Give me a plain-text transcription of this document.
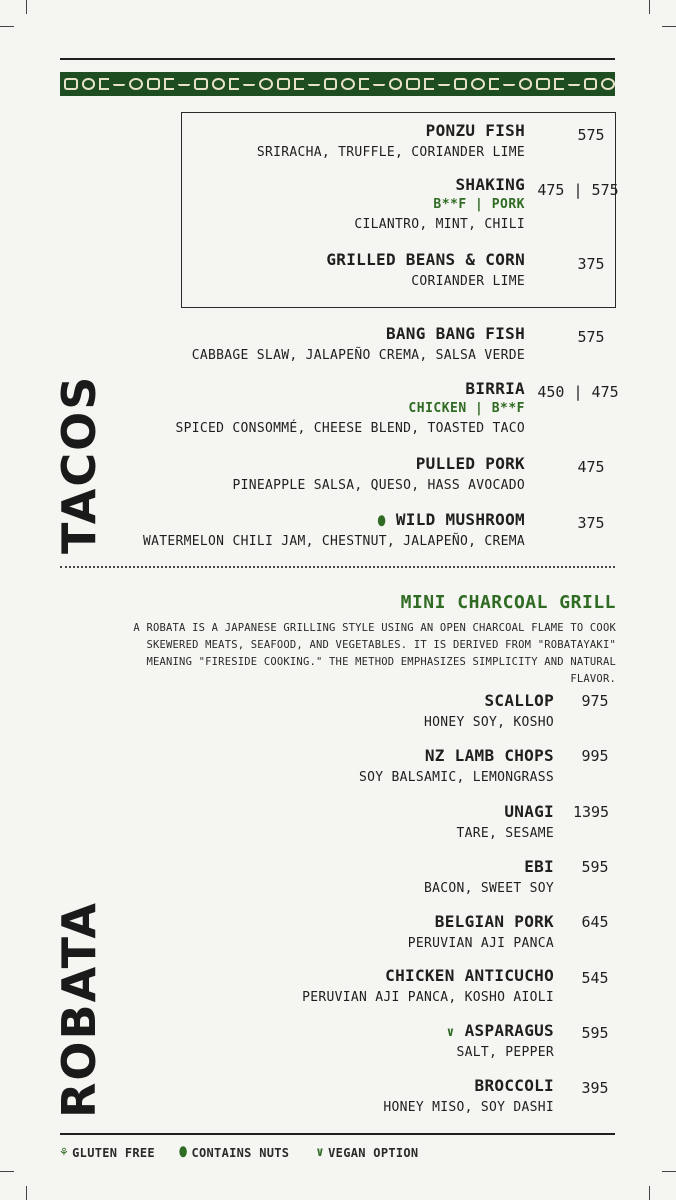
PONZU FISH
SRIRACHA, TRUFFLE, CORIANDER LIME
575
SHAKING
B**F | PORK
CILANTRO, MINT, CHILI
475 | 575
GRILLED BEANS & CORN
CORIANDER LIME
375
BANG BANG FISH
CABBAGE SLAW, JALAPEÑO CREMA, SALSA VERDE
575
BIRRIA
CHICKEN | B**F
SPICED CONSOMMÉ, CHEESE BLEND, TOASTED TACO
450 | 475
PULLED PORK
PINEAPPLE SALSA, QUESO, HASS AVOCADO
475
⬮ WILD MUSHROOM
WATERMELON CHILI JAM, CHESTNUT, JALAPEÑO, CREMA
375
TACOS
MINI CHARCOAL GRILL
A ROBATA IS A JAPANESE GRILLING STYLE USING AN OPEN CHARCOAL FLAME TO COOK SKEWERED MEATS, SEAFOOD, AND VEGETABLES. IT IS DERIVED FROM "ROBATAYAKI" MEANING "FIRESIDE COOKING." THE METHOD EMPHASIZES SIMPLICITY AND NATURAL FLAVOR.
SCALLOP
HONEY SOY, KOSHO
975
NZ LAMB CHOPS
SOY BALSAMIC, LEMONGRASS
995
UNAGI
TARE, SESAME
1395
EBI
BACON, SWEET SOY
595
BELGIAN PORK
PERUVIAN AJI PANCA
645
CHICKEN ANTICUCHO
PERUVIAN AJI PANCA, KOSHO AIOLI
545
∨ ASPARAGUS
SALT, PEPPER
595
BROCCOLI
HONEY MISO, SOY DASHI
395
ROBATA
⚘ GLUTEN FREE ⬮ CONTAINS NUTS ∨ VEGAN OPTION
